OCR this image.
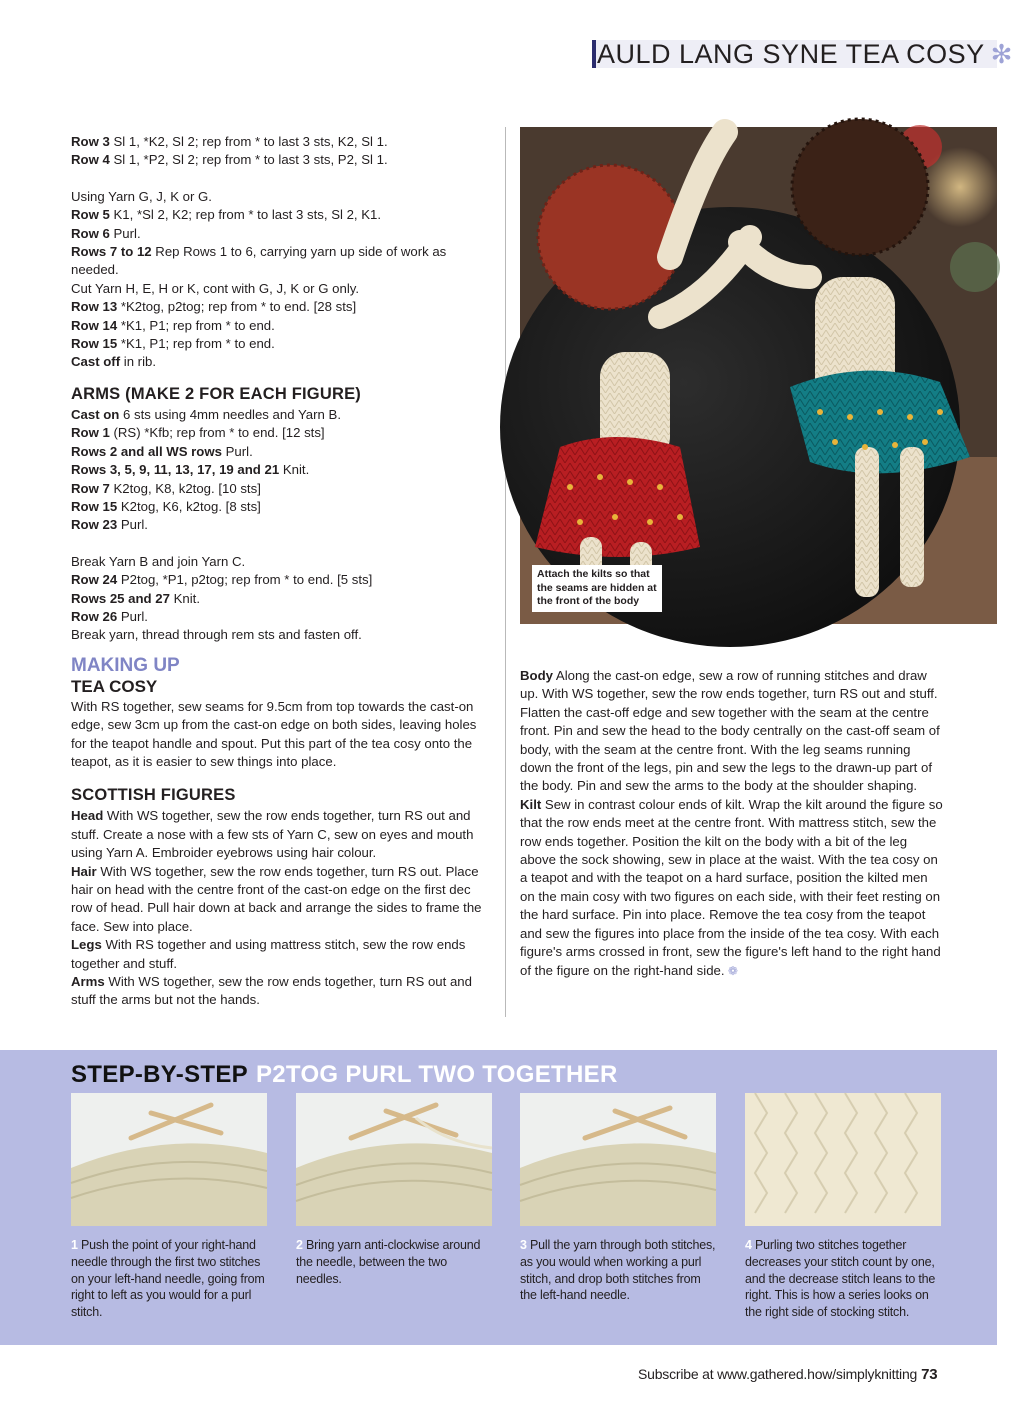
AULD LANG SYNE TEA COSY ✻

Row 3 Sl 1, *K2, Sl 2; rep from * to last 3 sts, K2, Sl 1.

Row 4 Sl 1, *P2, Sl 2; rep from * to last 3 sts, P2, Sl 1.

Using Yarn G, J, K or G.

Row 5 K1, *Sl 2, K2; rep from * to last 3 sts, Sl 2, K1.

Row 6 Purl.

Rows 7 to 12 Rep Rows 1 to 6, carrying yarn up side of work as needed.

Cut Yarn H, E, H or K, cont with G, J, K or G only.

Row 13 *K2tog, p2tog; rep from * to end. [28 sts]

Row 14 *K1, P1; rep from * to end.

Row 15 *K1, P1; rep from * to end.

Cast off in rib.

ARMS (MAKE 2 FOR EACH FIGURE)

Cast on 6 sts using 4mm needles and Yarn B.

Row 1 (RS) *Kfb; rep from * to end. [12 sts]

Rows 2 and all WS rows Purl.

Rows 3, 5, 9, 11, 13, 17, 19 and 21 Knit.

Row 7 K2tog, K8, k2tog. [10 sts]

Row 15 K2tog, K6, k2tog. [8 sts]

Row 23 Purl.

Break Yarn B and join Yarn C.

Row 24 P2tog, *P1, p2tog; rep from * to end. [5 sts]

Rows 25 and 27 Knit.

Row 26 Purl.

Break yarn, thread through rem sts and fasten off.

MAKING UP
TEA COSY

With RS together, sew seams for 9.5cm from top towards the cast-on edge, sew 3cm up from the cast-on edge on both sides, leaving holes for the teapot handle and spout. Put this part of the tea cosy onto the teapot, as it is easier to sew things into place.

SCOTTISH FIGURES

Head With WS together, sew the row ends together, turn RS out and stuff. Create a nose with a few sts of Yarn C, sew on eyes and mouth using Yarn A. Embroider eyebrows using hair colour.

Hair With WS together, sew the row ends together, turn RS out. Place hair on head with the centre front of the cast-on edge on the first dec row of head. Pull hair down at back and arrange the sides to frame the face. Sew into place.

Legs With RS together and using mattress stitch, sew the row ends together and stuff.

Arms With WS together, sew the row ends together, turn RS out and stuff the arms but not the hands.

Attach the kilts so that the seams are hidden at the front of the body

Body Along the cast-on edge, sew a row of running stitches and draw up. With WS together, sew the row ends together, turn RS out and stuff. Flatten the cast-off edge and sew together with the seam at the centre front. Pin and sew the head to the body centrally on the cast-off seam of body, with the seam at the centre front. With the leg seams running down the front of the legs, pin and sew the legs to the drawn-up part of the body. Pin and sew the arms to the body at the shoulder shaping.

Kilt Sew in contrast colour ends of kilt. Wrap the kilt around the figure so that the row ends meet at the centre front. With mattress stitch, sew the row ends together. Position the kilt on the body with a bit of the leg above the sock showing, sew in place at the waist. With the tea cosy on a teapot and with the teapot on a hard surface, position the kilted men on the main cosy with two figures on each side, with their feet resting on the hard surface. Pin into place. Remove the tea cosy from the teapot and sew the figures into place from the inside of the tea cosy. With each figure's arms crossed in front, sew the figure's left hand to the right hand of the figure on the right-hand side. ❁

STEP-BY-STEP P2TOG PURL TWO TOGETHER
1 Push the point of your right-hand needle through the first two stitches on your left-hand needle, going from right to left as you would for a purl stitch.
2 Bring yarn anti-clockwise around the needle, between the two needles.
3 Pull the yarn through both stitches, as you would when working a purl stitch, and drop both stitches from the left-hand needle.
4 Purling two stitches together decreases your stitch count by one, and the decrease stitch leans to the right. This is how a series looks on the right side of stocking stitch.
Subscribe at www.gathered.how/simplyknitting 73
